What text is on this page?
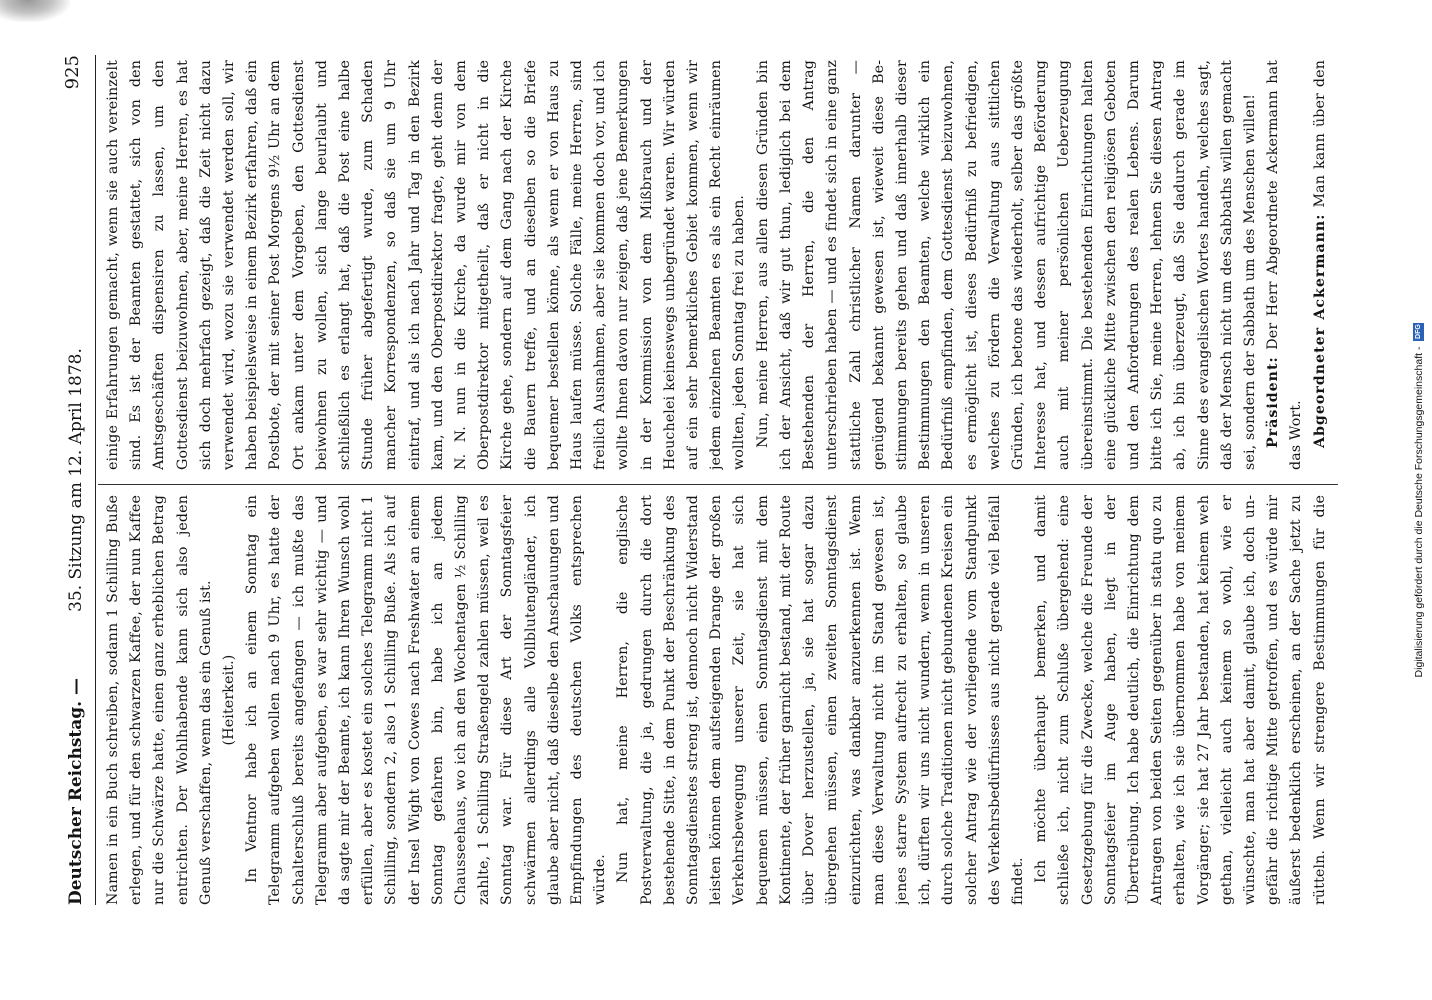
Deutscher Reichstag. —
35. Sitzung am 12. April 1878.
925

Namen in ein Buch schreiben, sodann 1 Schilling Buße erlegen, und für den schwarzen Kaffee, der nun Kaffee nur die Schwärze hatte, einen ganz erheblichen Betrag entrichten. Der Wohlhabende kann sich also jeden Genuß verschaffen, wenn das ein Genuß ist. (Heiterkeit.) In Ventnor habe ich an einem Sonntag ein Telegramm aufgeben wollen nach 9 Uhr, es hatte der Schalterschluß bereits angefangen — ich mußte das Telegramm aber aufgeben, es war sehr wichtig — und da sagte mir der Beamte, ich kann Ihren Wunsch wohl erfüllen, aber es kostet ein solches Telegramm nicht 1 Schilling, sondern 2, also 1 Schilling Buße. Als ich auf der Insel Wight von Cowes nach Freshwater an einem Sonntag gefahren bin, habe ich an jedem Chausseehaus, wo ich an den Wochentagen ½ Schilling zahlte, 1 Schilling Straßengeld zahlen müssen, weil es Sonntag war. Für diese Art der Sonntagsfeier schwärmen allerdings alle Vollblutengländer, ich glaube aber nicht, daß dieselbe den Anschauungen und Empfindungen des deutschen Volks entsprechen würde. Nun hat, meine Herren, die englische Postverwaltung, die ja, gedrungen durch die dort bestehende Sitte, in dem Punkt der Beschränkung des Sonntagsdienstes streng ist, dennoch nicht Widerstand leisten können dem aufsteigenden Drange der großen Verkehrsbewegung unserer Zeit, sie hat sich bequemen müssen, einen Sonntagsdienst mit dem Kontinente, der früher garnicht bestand, mit der Route über Dover herzustellen, ja, sie hat sogar dazu übergehen müssen, einen zweiten Sonntagsdienst einzurichten, was dankbar anzuerkennen ist. Wenn man diese Verwaltung nicht im Stand gewesen ist, jenes starre System aufrecht zu erhalten, so glaube ich, dürften wir uns nicht wundern, wenn in unseren durch solche Traditionen nicht gebundenen Kreisen ein solcher Antrag wie der vorliegende vom Standpunkt des Verkehrsbedürfnisses aus nicht gerade viel Beifall findet. Ich möchte überhaupt bemerken, und damit schließe ich, nicht zum Schluße übergehend: eine Gesetzgebung für die Zwecke, welche die Freunde der Sonntagsfeier im Auge haben, liegt in der Übertreibung. Ich habe deutlich, die Einrichtung dem Antragen von beiden Seiten gegenüber in statu quo zu erhalten, wie ich sie übernommen habe von meinem Vorgänger; sie hat 27 Jahr bestanden, hat keinem weh gethan, vielleicht auch keinem so wohl, wie er wünschte, man hat aber damit, glaube ich, doch ungefähr die richtige Mitte getroffen, und es würde mir äußerst bedenklich erscheinen, an der Sache jetzt zu rütteln. Wenn wir strengere Bestimmungen für die

einige Erfahrungen gemacht, wenn sie auch vereinzelt sind. Es ist der Beamten gestattet, sich von den Amtsgeschäften dispensiren zu lassen, um den Gottesdienst beizuwohnen, aber, meine Herren, es hat sich doch mehrfach gezeigt, daß die Zeit nicht dazu verwendet wird, wozu sie verwendet werden soll, wir haben beispielsweise in einem Bezirk erfahren, daß ein Postbote, der mit seiner Post Morgens 9½ Uhr an dem Ort ankam unter dem Vorgeben, den Gottesdienst beiwohnen zu wollen, sich lange beurlaubt und schließlich es erlangt hat, daß die Post eine halbe Stunde früher abgefertigt wurde, zum Schaden mancher Korrespondenzen, so daß sie um 9 Uhr eintraf, und als ich nach Jahr und Tag in den Bezirk kam, und den Oberpostdirektor fragte, geht denn der N. N. nun in die Kirche, da wurde mir von dem Oberpostdirektor mitgetheilt, daß er nicht in die Kirche gehe, sondern auf dem Gang nach der Kirche die Bauern treffe, und an dieselben so die Briefe bequemer bestellen könne, als wenn er von Haus zu Haus laufen müsse. Solche Fälle, meine Herren, sind freilich Ausnahmen, aber sie kommen doch vor, und ich wollte Ihnen davon nur zeigen, daß jene Bemerkungen in der Kommission von dem Mißbrauch und der Heuchelei keineswegs unbegründet waren. Wir würden auf ein sehr bemerkliches Gebiet kommen, wenn wir jedem einzelnen Beamten es als ein Recht einräumen wollten, jeden Sonntag frei zu haben. Nun, meine Herren, aus allen diesen Gründen bin ich der Ansicht, daß wir gut thun, lediglich bei dem Bestehenden der Herren, die den Antrag unterschrieben haben — und es findet sich in eine ganz stattliche Zahl christlicher Namen darunter — genügend bekannt gewesen ist, wieweit diese Bestimmungen bereits gehen und daß innerhalb dieser Bestimmungen den Beamten, welche wirklich ein Bedürfniß empfinden, dem Gottesdienst beizuwohnen, es ermöglicht ist, dieses Bedürfniß zu befriedigen, welches zu fördern die Verwaltung aus sittlichen Gründen, ich betone das wiederholt, selber das größte Interesse hat, und dessen aufrichtige Beförderung auch mit meiner persönlichen Ueberzeugung übereinstimmt. Die bestehenden Einrichtungen halten eine glückliche Mitte zwischen den religiösen Geboten und den Anforderungen des realen Lebens. Darum bitte ich Sie, meine Herren, lehnen Sie diesen Antrag ab, ich bin überzeugt, daß Sie dadurch gerade im Sinne des evangelischen Wortes handeln, welches sagt, daß der Mensch nicht um des Sabbaths willen gemacht sei, sondern der Sabbath um des Menschen willen! Präsident: Der Herr Abgeordnete Ackermann hat das Wort. Abgeordneter Ackermann: Man kann über den

Digitalisierung gefördert durch die Deutsche Forschungsgemeinschaft -
DFG
